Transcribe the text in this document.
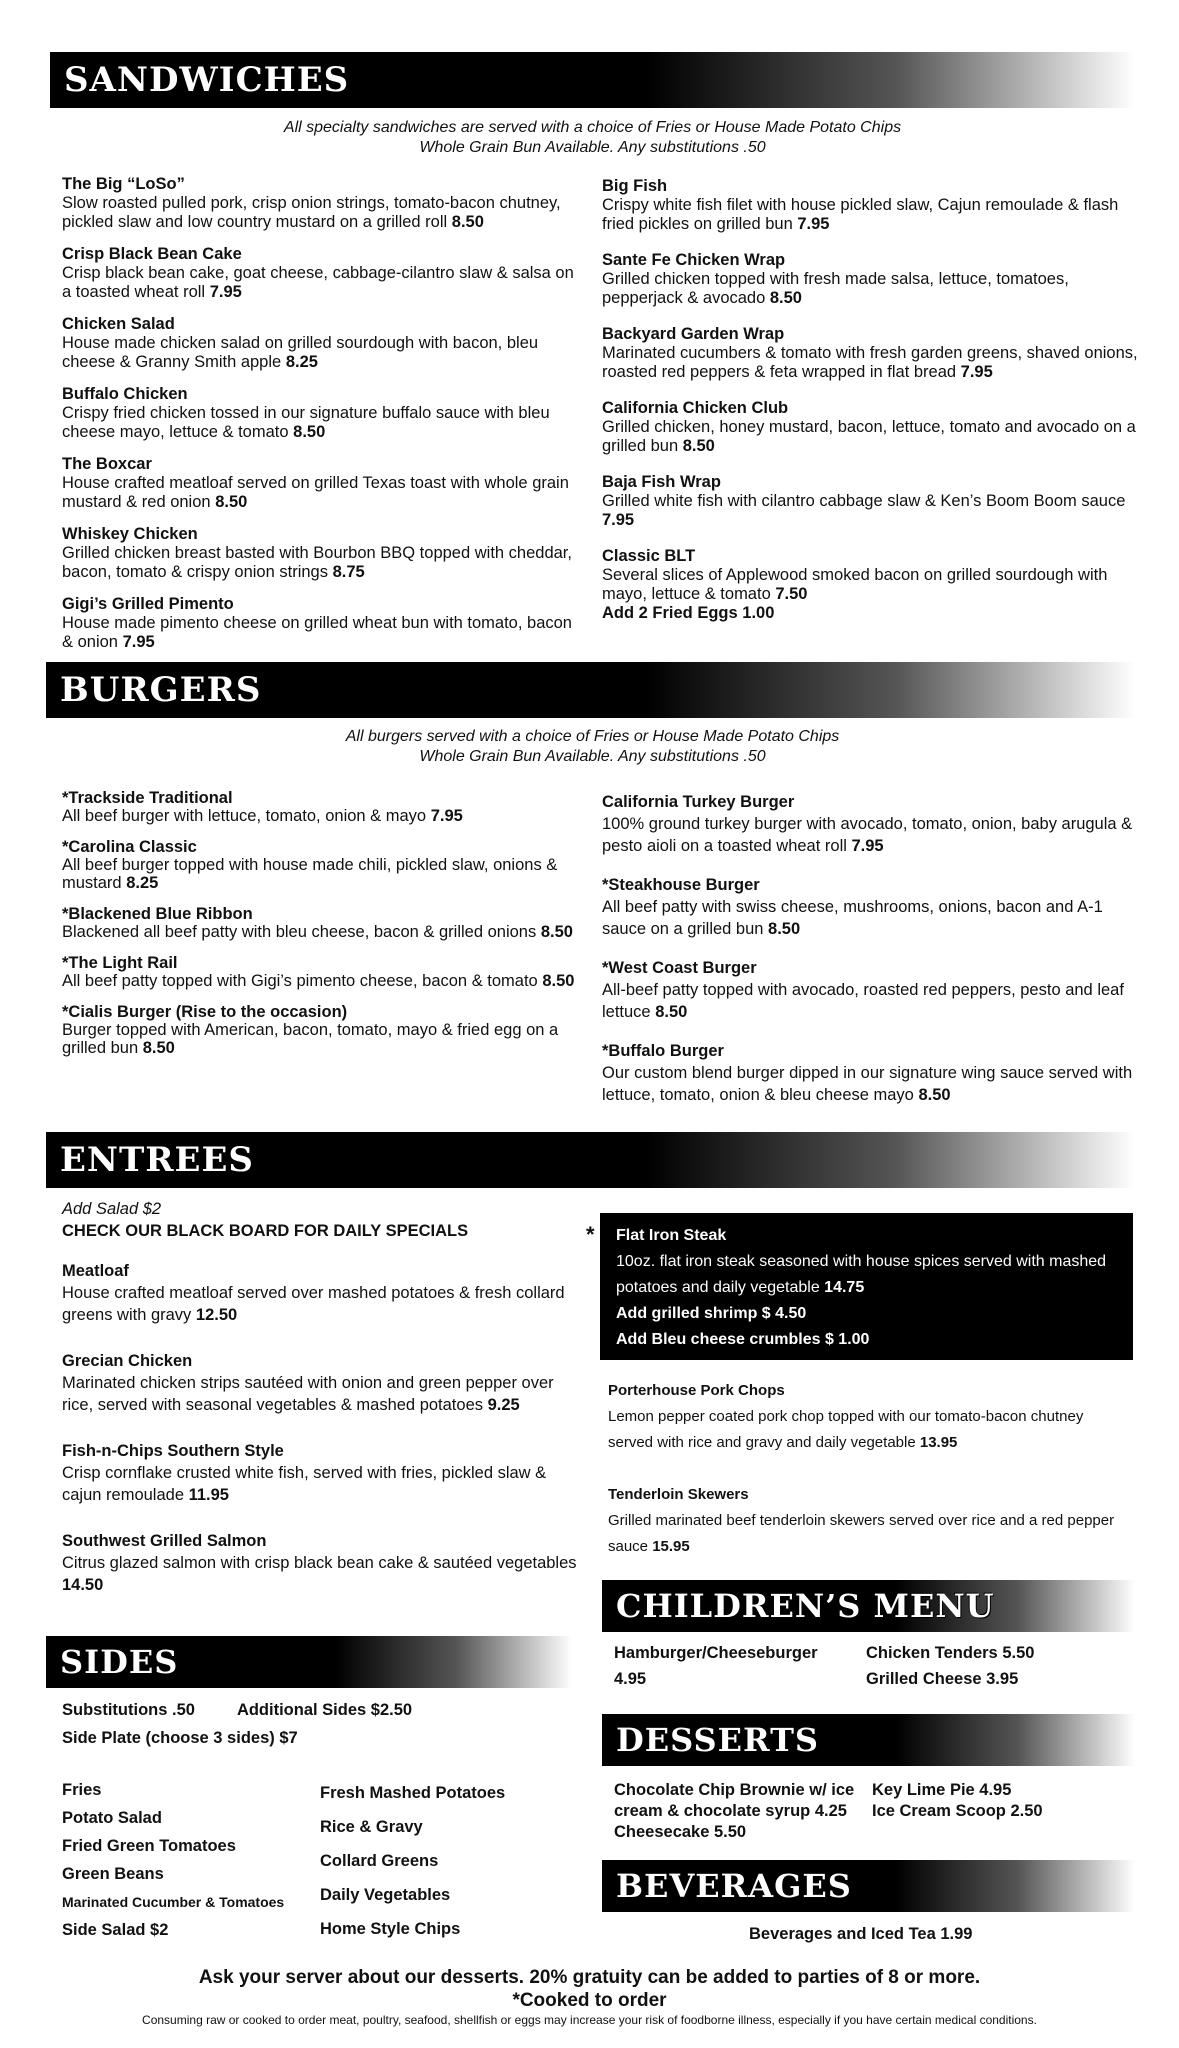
SANDWICHES
All specialty sandwiches are served with a choice of Fries or House Made Potato Chips
Whole Grain Bun Available. Any substitutions .50
The Big “LoSo”
Slow roasted pulled pork, crisp onion strings, tomato-bacon chutney, pickled slaw and low country mustard on a grilled roll 8.50
Crisp Black Bean Cake
Crisp black bean cake, goat cheese, cabbage-cilantro slaw & salsa on a toasted wheat roll 7.95
Chicken Salad
House made chicken salad on grilled sourdough with bacon, bleu cheese & Granny Smith apple 8.25
Buffalo Chicken
Crispy fried chicken tossed in our signature buffalo sauce with bleu cheese mayo, lettuce & tomato 8.50
The Boxcar
House crafted meatloaf served on grilled Texas toast with whole grain mustard & red onion 8.50
Whiskey Chicken
Grilled chicken breast basted with Bourbon BBQ topped with cheddar, bacon, tomato & crispy onion strings 8.75
Gigi’s Grilled Pimento
House made pimento cheese on grilled wheat bun with tomato, bacon & onion 7.95
Big Fish
Crispy white fish filet with house pickled slaw, Cajun remoulade & flash fried pickles on grilled bun 7.95
Sante Fe Chicken Wrap
Grilled chicken topped with fresh made salsa, lettuce, tomatoes, pepperjack & avocado 8.50
Backyard Garden Wrap
Marinated cucumbers & tomato with fresh garden greens, shaved onions, roasted red peppers & feta wrapped in flat bread 7.95
California Chicken Club
Grilled chicken, honey mustard, bacon, lettuce, tomato and avocado on a grilled bun 8.50
Baja Fish Wrap
Grilled white fish with cilantro cabbage slaw & Ken’s Boom Boom sauce 7.95
Classic BLT
Several slices of Applewood smoked bacon on grilled sourdough with mayo, lettuce & tomato 7.50
Add 2 Fried Eggs 1.00
BURGERS
All burgers served with a choice of Fries or House Made Potato Chips
Whole Grain Bun Available. Any substitutions .50
*Trackside Traditional
All beef burger with lettuce, tomato, onion & mayo 7.95
*Carolina Classic
All beef burger topped with house made chili, pickled slaw, onions & mustard 8.25
*Blackened Blue Ribbon
Blackened all beef patty with bleu cheese, bacon & grilled onions 8.50
*The Light Rail
All beef patty topped with Gigi’s pimento cheese, bacon & tomato 8.50
*Cialis Burger (Rise to the occasion)
Burger topped with American, bacon, tomato, mayo & fried egg on a grilled bun 8.50
California Turkey Burger
100% ground turkey burger with avocado, tomato, onion, baby arugula & pesto aioli on a toasted wheat roll 7.95
*Steakhouse Burger
All beef patty with swiss cheese, mushrooms, onions, bacon and A-1 sauce on a grilled bun 8.50
*West Coast Burger
All-beef patty topped with avocado, roasted red peppers, pesto and leaf lettuce 8.50
*Buffalo Burger
Our custom blend burger dipped in our signature wing sauce served with lettuce, tomato, onion & bleu cheese mayo 8.50
ENTREES
Add Salad $2
CHECK OUR BLACK BOARD FOR DAILY SPECIALS
Meatloaf
House crafted meatloaf served over mashed potatoes & fresh collard greens with gravy 12.50
Grecian Chicken
Marinated chicken strips sautéed with onion and green pepper over rice, served with seasonal vegetables & mashed potatoes 9.25
Fish-n-Chips Southern Style
Crisp cornflake crusted white fish, served with fries, pickled slaw & cajun remoulade 11.95
Southwest Grilled Salmon
Citrus glazed salmon with crisp black bean cake & sautéed vegetables 14.50
* Flat Iron Steak
10oz. flat iron steak seasoned with house spices served with mashed potatoes and daily vegetable 14.75
Add grilled shrimp $ 4.50
Add Bleu cheese crumbles $ 1.00
Porterhouse Pork Chops
Lemon pepper coated pork chop topped with our tomato-bacon chutney served with rice and gravy and daily vegetable 13.95
Tenderloin Skewers
Grilled marinated beef tenderloin skewers served over rice and a red pepper sauce 15.95
CHILDREN’S MENU
Hamburger/Cheeseburger
4.95
Chicken Tenders 5.50
Grilled Cheese 3.95
SIDES
Substitutions .50	Additional Sides $2.50
Side Plate (choose 3 sides) $7
Fries
Potato Salad
Fried Green Tomatoes
Green Beans
Marinated Cucumber & Tomatoes
Side Salad $2
Fresh Mashed Potatoes
Rice & Gravy
Collard Greens
Daily Vegetables
Home Style Chips
DESSERTS
Chocolate Chip Brownie w/ ice
cream & chocolate syrup 4.25
Cheesecake 5.50
Key Lime Pie 4.95
Ice Cream Scoop 2.50
BEVERAGES
Beverages and Iced Tea 1.99
Ask your server about our desserts. 20% gratuity can be added to parties of 8 or more.
*Cooked to order
Consuming raw or cooked to order meat, poultry, seafood, shellfish or eggs may increase your risk of foodborne illness, especially if you have certain medical conditions.
